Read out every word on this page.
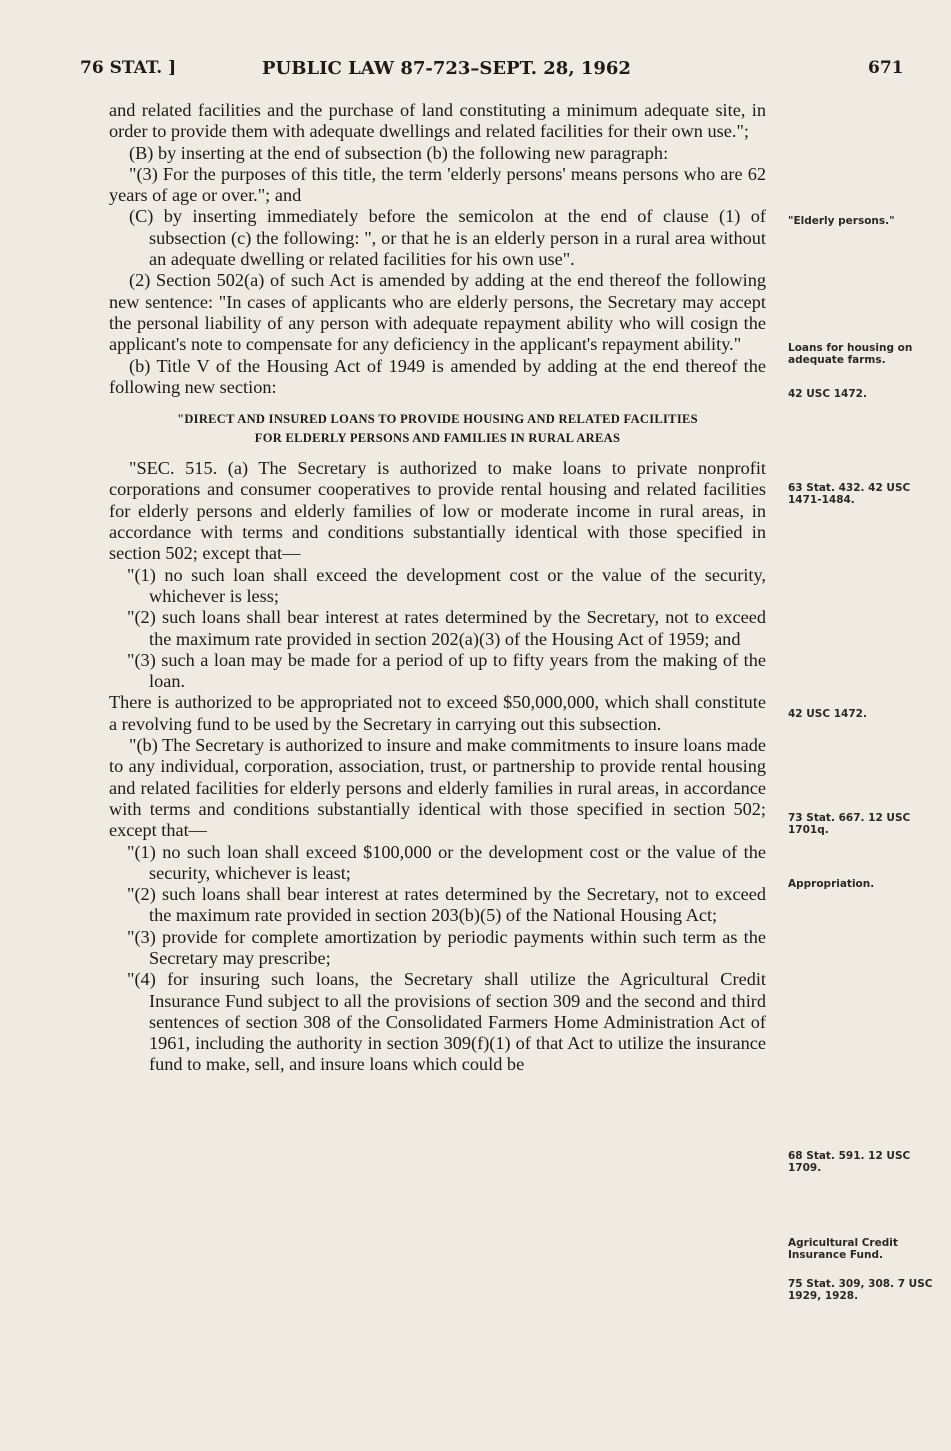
76 STAT. ]	PUBLIC LAW 87-723–SEPT. 28, 1962	671

and related facilities and the purchase of land constituting a minimum adequate site, in order to provide them with adequate dwellings and related facilities for their own use.";

(B) by inserting at the end of subsection (b) the following new paragraph:

"(3) For the purposes of this title, the term 'elderly persons' means persons who are 62 years of age or over."; and

(C) by inserting immediately before the semicolon at the end of clause (1) of subsection (c) the following: ", or that he is an elderly person in a rural area without an adequate dwelling or related facilities for his own use".

(2) Section 502(a) of such Act is amended by adding at the end thereof the following new sentence: "In cases of applicants who are elderly persons, the Secretary may accept the personal liability of any person with adequate repayment ability who will cosign the applicant's note to compensate for any deficiency in the applicant's repayment ability."

(b) Title V of the Housing Act of 1949 is amended by adding at the end thereof the following new section:

"DIRECT AND INSURED LOANS TO PROVIDE HOUSING AND RELATED FACILITIES
FOR ELDERLY PERSONS AND FAMILIES IN RURAL AREAS

"SEC. 515. (a) The Secretary is authorized to make loans to private nonprofit corporations and consumer cooperatives to provide rental housing and related facilities for elderly persons and elderly families of low or moderate income in rural areas, in accordance with terms and conditions substantially identical with those specified in section 502; except that—

"(1) no such loan shall exceed the development cost or the value of the security, whichever is less;

"(2) such loans shall bear interest at rates determined by the Secretary, not to exceed the maximum rate provided in section 202(a)(3) of the Housing Act of 1959; and

"(3) such a loan may be made for a period of up to fifty years from the making of the loan.

There is authorized to be appropriated not to exceed $50,000,000, which shall constitute a revolving fund to be used by the Secretary in carrying out this subsection.

"(b) The Secretary is authorized to insure and make commitments to insure loans made to any individual, corporation, association, trust, or partnership to provide rental housing and related facilities for elderly persons and elderly families in rural areas, in accordance with terms and conditions substantially identical with those specified in section 502; except that—

"(1) no such loan shall exceed $100,000 or the development cost or the value of the security, whichever is least;

"(2) such loans shall bear interest at rates determined by the Secretary, not to exceed the maximum rate provided in section 203(b)(5) of the National Housing Act;

"(3) provide for complete amortization by periodic payments within such term as the Secretary may prescribe;

"(4) for insuring such loans, the Secretary shall utilize the Agricultural Credit Insurance Fund subject to all the provisions of section 309 and the second and third sentences of section 308 of the Consolidated Farmers Home Administration Act of 1961, including the authority in section 309(f)(1) of that Act to utilize the insurance fund to make, sell, and insure loans which could be

"Elderly persons."
Loans for housing on adequate farms.
42 USC 1472.
63 Stat. 432. 42 USC 1471-1484.
42 USC 1472.
73 Stat. 667. 12 USC 1701q.
Appropriation.
68 Stat. 591. 12 USC 1709.
Agricultural Credit Insurance Fund.
75 Stat. 309, 308. 7 USC 1929, 1928.
